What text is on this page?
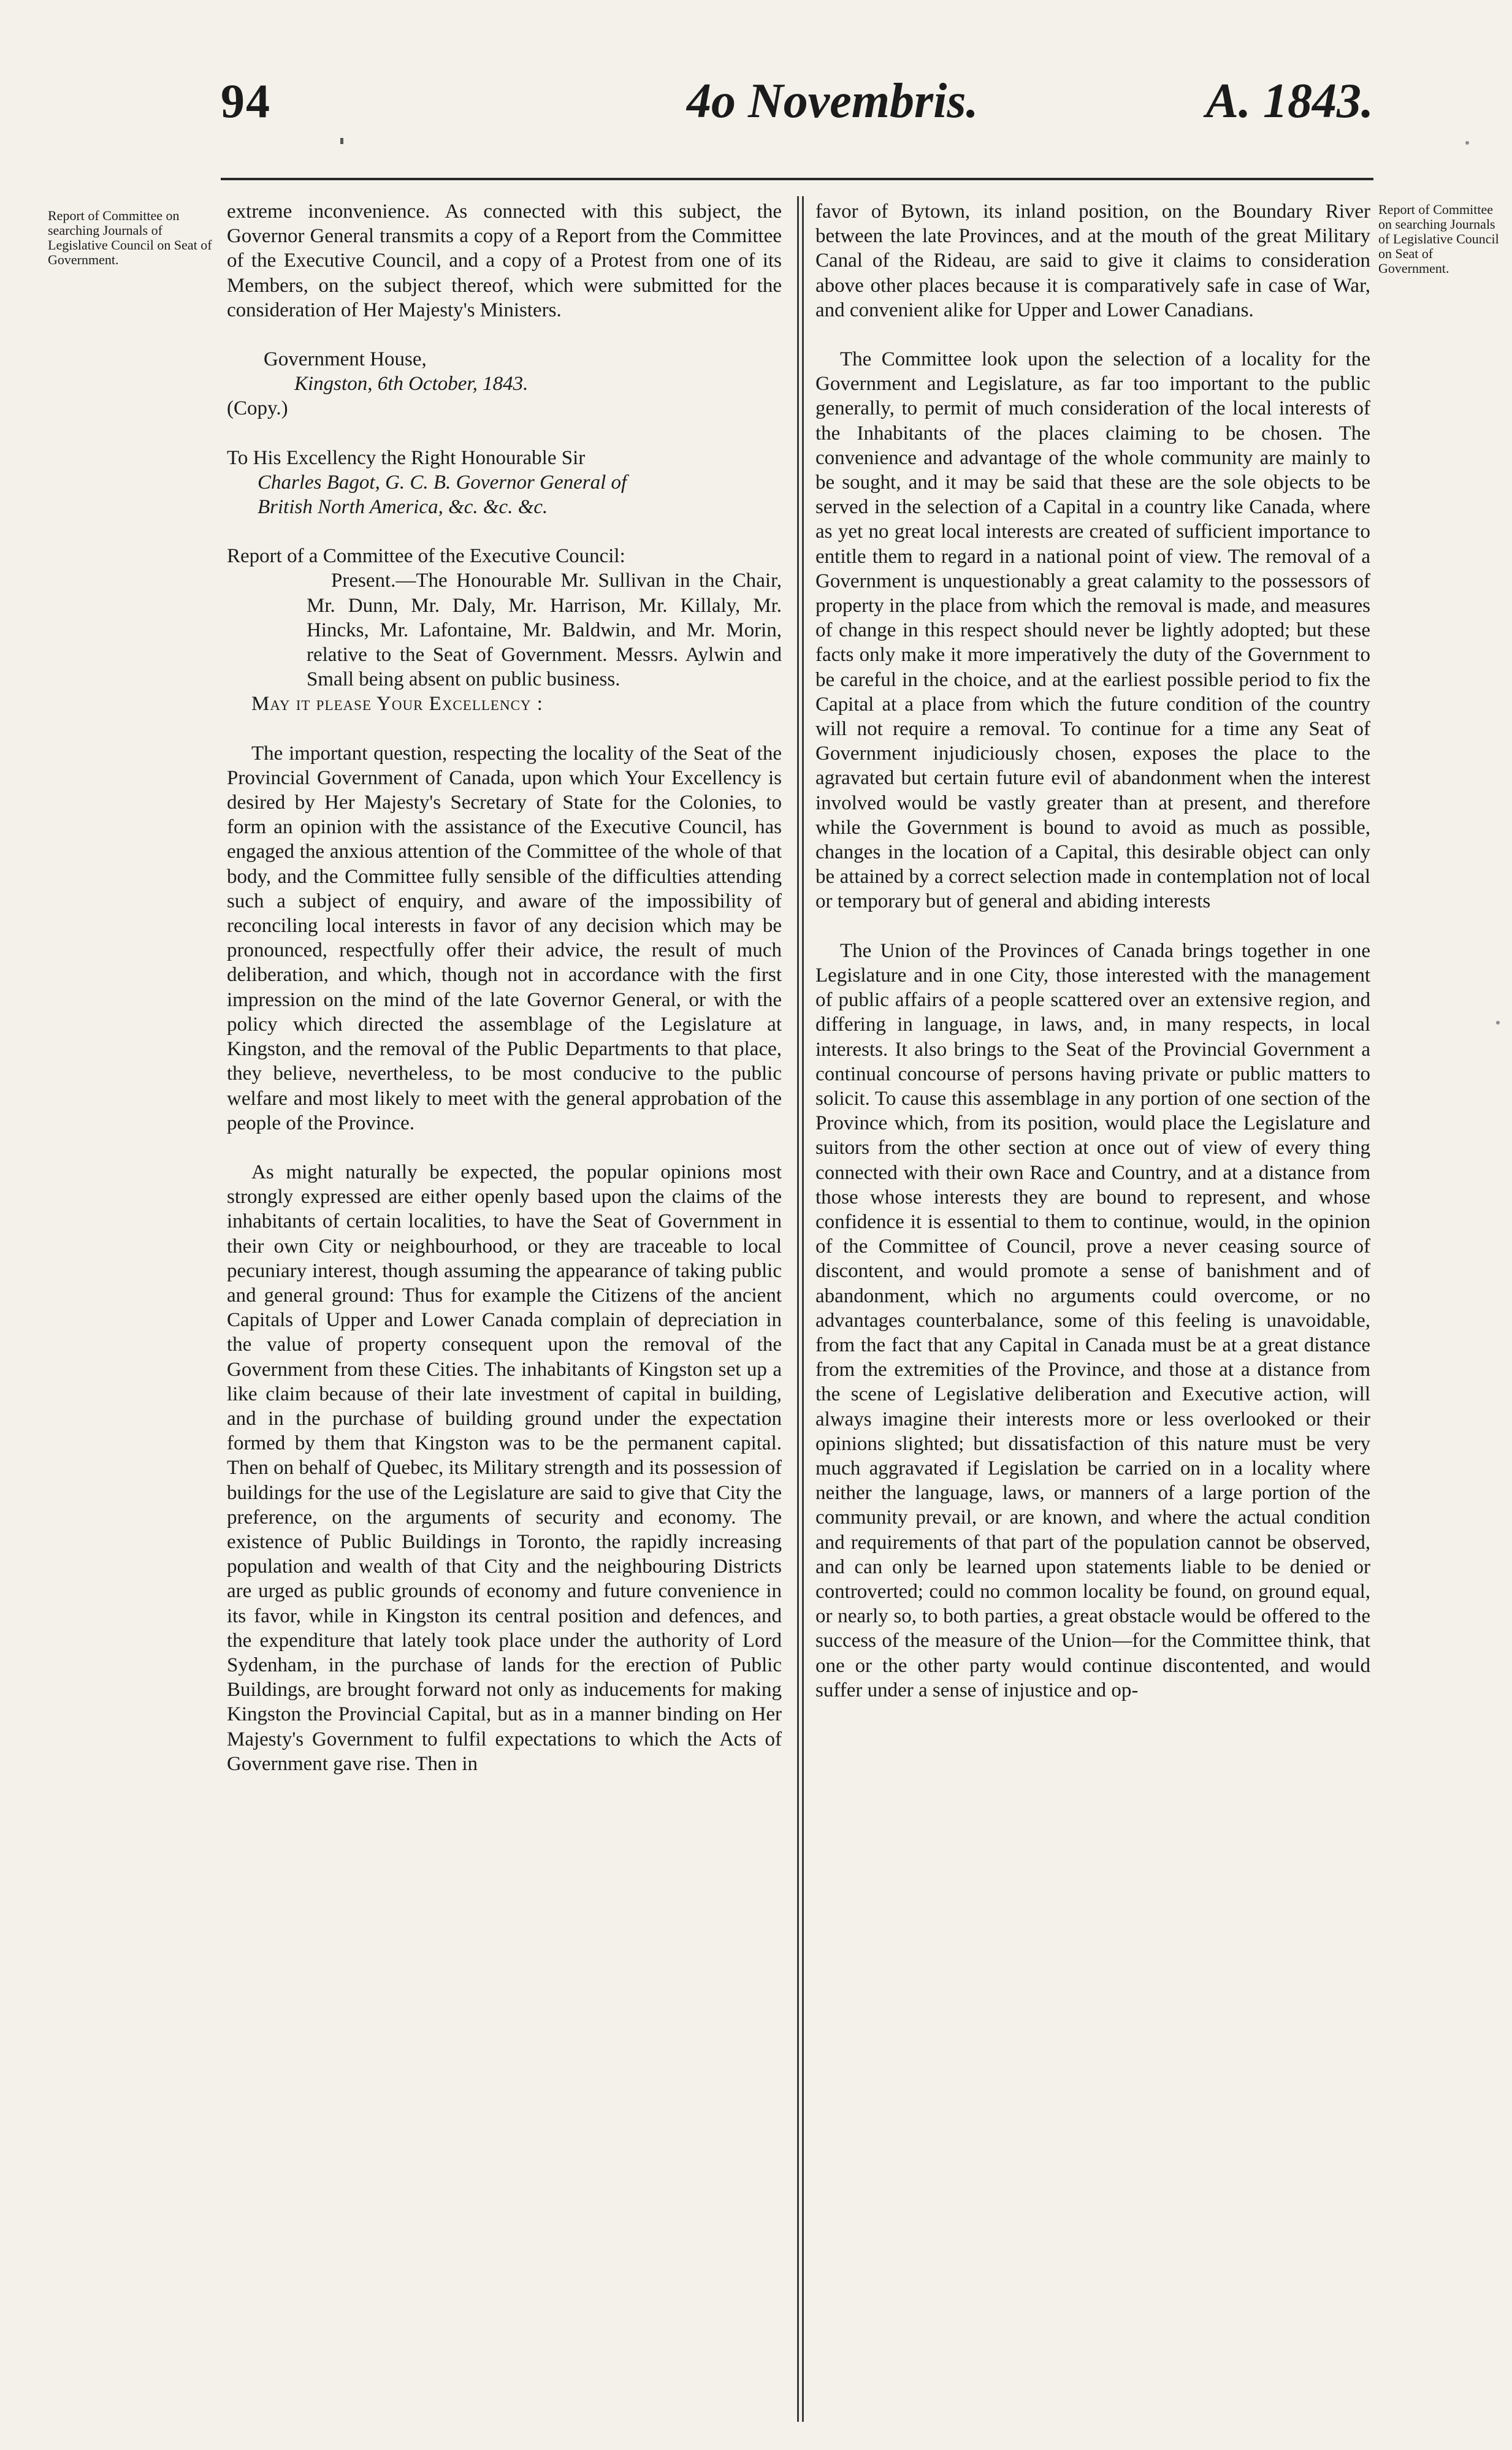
94	4o Novembris.	A. 1843.
Report of Committee on searching Journals of Legislative Council on Seat of Government.
Report of Committee on searching Journals of Legislative Council on Seat of Government.

extreme inconvenience. As connected with this subject, the Governor General transmits a copy of a Report from the Committee of the Executive Council, and a copy of a Protest from one of its Members, on the subject thereof, which were submitted for the consideration of Her Majesty's Ministers.

Government House,
Kingston, 6th October, 1843.

(Copy.)

To His Excellency the Right Honourable Sir
Charles Bagot, G. C. B. Governor General of
British North America, &c. &c. &c.

Report of a Committee of the Executive Council:

Present.—The Honourable Mr. Sullivan in the Chair, Mr. Dunn, Mr. Daly, Mr. Harrison, Mr. Killaly, Mr. Hincks, Mr. Lafontaine, Mr. Baldwin, and Mr. Morin, relative to the Seat of Government. Messrs. Aylwin and Small being absent on public business.

May it please Your Excellency :

The important question, respecting the locality of the Seat of the Provincial Government of Canada, upon which Your Excellency is desired by Her Majesty's Secretary of State for the Colonies, to form an opinion with the assistance of the Executive Council, has engaged the anxious attention of the Committee of the whole of that body, and the Committee fully sensible of the difficulties attending such a subject of enquiry, and aware of the impossibility of reconciling local interests in favor of any decision which may be pronounced, respectfully offer their advice, the result of much deliberation, and which, though not in accordance with the first impression on the mind of the late Governor General, or with the policy which directed the assemblage of the Legislature at Kingston, and the removal of the Public Departments to that place, they believe, nevertheless, to be most conducive to the public welfare and most likely to meet with the general approbation of the people of the Province.

As might naturally be expected, the popular opinions most strongly expressed are either openly based upon the claims of the inhabitants of certain localities, to have the Seat of Government in their own City or neighbourhood, or they are traceable to local pecuniary interest, though assuming the appearance of taking public and general ground: Thus for example the Citizens of the ancient Capitals of Upper and Lower Canada complain of depreciation in the value of property consequent upon the removal of the Government from these Cities. The inhabitants of Kingston set up a like claim because of their late investment of capital in building, and in the purchase of building ground under the expectation formed by them that Kingston was to be the permanent capital. Then on behalf of Quebec, its Military strength and its possession of buildings for the use of the Legislature are said to give that City the preference, on the arguments of security and economy. The existence of Public Buildings in Toronto, the rapidly increasing population and wealth of that City and the neighbouring Districts are urged as public grounds of economy and future convenience in its favor, while in Kingston its central position and defences, and the expenditure that lately took place under the authority of Lord Sydenham, in the purchase of lands for the erection of Public Buildings, are brought forward not only as inducements for making Kingston the Provincial Capital, but as in a manner binding on Her Majesty's Government to fulfil expectations to which the Acts of Government gave rise. Then in

favor of Bytown, its inland position, on the Boundary River between the late Provinces, and at the mouth of the great Military Canal of the Rideau, are said to give it claims to consideration above other places because it is comparatively safe in case of War, and convenient alike for Upper and Lower Canadians.

The Committee look upon the selection of a locality for the Government and Legislature, as far too important to the public generally, to permit of much consideration of the local interests of the Inhabitants of the places claiming to be chosen. The convenience and advantage of the whole community are mainly to be sought, and it may be said that these are the sole objects to be served in the selection of a Capital in a country like Canada, where as yet no great local interests are created of sufficient importance to entitle them to regard in a national point of view. The removal of a Government is unquestionably a great calamity to the possessors of property in the place from which the removal is made, and measures of change in this respect should never be lightly adopted; but these facts only make it more imperatively the duty of the Government to be careful in the choice, and at the earliest possible period to fix the Capital at a place from which the future condition of the country will not require a removal. To continue for a time any Seat of Government injudiciously chosen, exposes the place to the agravated but certain future evil of abandonment when the interest involved would be vastly greater than at present, and therefore while the Government is bound to avoid as much as possible, changes in the location of a Capital, this desirable object can only be attained by a correct selection made in contemplation not of local or temporary but of general and abiding interests

The Union of the Provinces of Canada brings together in one Legislature and in one City, those interested with the management of public affairs of a people scattered over an extensive region, and differing in language, in laws, and, in many respects, in local interests. It also brings to the Seat of the Provincial Government a continual concourse of persons having private or public matters to solicit. To cause this assemblage in any portion of one section of the Province which, from its position, would place the Legislature and suitors from the other section at once out of view of every thing connected with their own Race and Country, and at a distance from those whose interests they are bound to represent, and whose confidence it is essential to them to continue, would, in the opinion of the Committee of Council, prove a never ceasing source of discontent, and would promote a sense of banishment and of abandonment, which no arguments could overcome, or no advantages counterbalance, some of this feeling is unavoidable, from the fact that any Capital in Canada must be at a great distance from the extremities of the Province, and those at a distance from the scene of Legislative deliberation and Executive action, will always imagine their interests more or less overlooked or their opinions slighted; but dissatisfaction of this nature must be very much aggravated if Legislation be carried on in a locality where neither the language, laws, or manners of a large portion of the community prevail, or are known, and where the actual condition and requirements of that part of the population cannot be observed, and can only be learned upon statements liable to be denied or controverted; could no common locality be found, on ground equal, or nearly so, to both parties, a great obstacle would be offered to the success of the measure of the Union—for the Committee think, that one or the other party would continue discontented, and would suffer under a sense of injustice and op-
